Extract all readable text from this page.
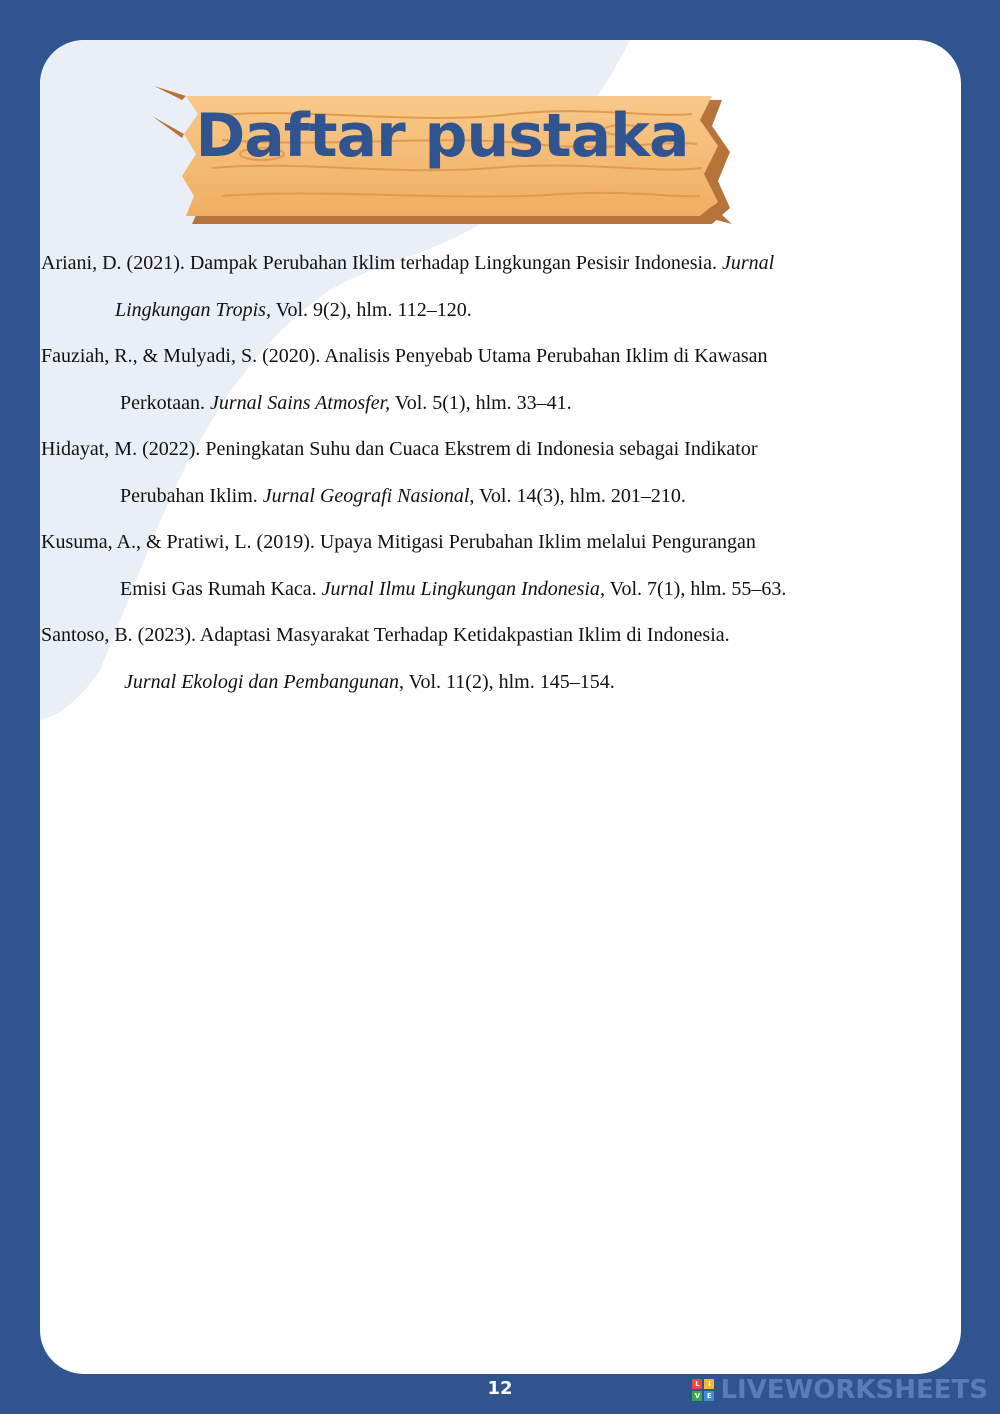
Daftar pustaka

Ariani, D. (2021). Dampak Perubahan Iklim terhadap Lingkungan Pesisir Indonesia. Jurnal
Lingkungan Tropis, Vol. 9(2), hlm. 112–120.

Fauziah, R., & Mulyadi, S. (2020). Analisis Penyebab Utama Perubahan Iklim di Kawasan
Perkotaan. Jurnal Sains Atmosfer, Vol. 5(1), hlm. 33–41.

Hidayat, M. (2022). Peningkatan Suhu dan Cuaca Ekstrem di Indonesia sebagai Indikator
Perubahan Iklim. Jurnal Geografi Nasional, Vol. 14(3), hlm. 201–210.

Kusuma, A., & Pratiwi, L. (2019). Upaya Mitigasi Perubahan Iklim melalui Pengurangan
Emisi Gas Rumah Kaca. Jurnal Ilmu Lingkungan Indonesia, Vol. 7(1), hlm. 55–63.

Santoso, B. (2023). Adaptasi Masyarakat Terhadap Ketidakpastian Iklim di Indonesia.
Jurnal Ekologi dan Pembangunan, Vol. 11(2), hlm. 145–154.

12	L	I
V E LIVEWORKSHEETS
